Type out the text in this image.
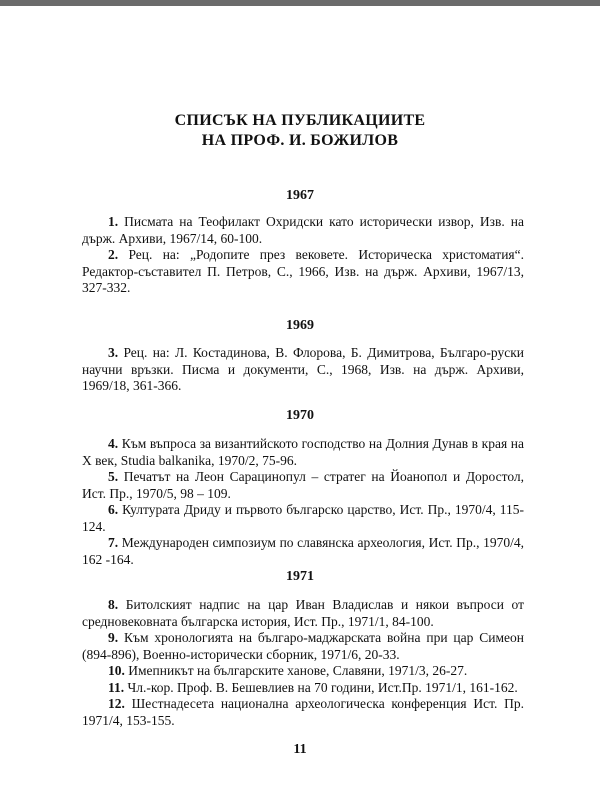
СПИСЪК НА ПУБЛИКАЦИИТЕ
НА ПРОФ. И. БОЖИЛОВ
1967

1. Писмата на Теофилакт Охридски като исторически извор, Изв. на държ. Архиви, 1967/14, 60-100.

2. Рец. на: „Родопите през вековете. Историческа христоматия“. Редактор-съставител П. Петров, С., 1966, Изв. на държ. Архиви, 1967/13, 327-332.

1969

3. Рец. на: Л. Костадинова, В. Флорова, Б. Димитрова, Българо-руски научни връзки. Писма и документи, С., 1968, Изв. на държ. Архиви, 1969/18, 361-366.

1970

4. Към въпроса за византийското господство на Долния Дунав в края на X век, Studia balkanika, 1970/2, 75-96.

5. Печатът на Леон Сарацинопул – стратег на Йоанопол и Доростол, Ист. Пр., 1970/5, 98 – 109.

6. Културата Дриду и първото българско царство, Ист. Пр., 1970/4, 115-124.

7. Международен симпозиум по славянска археология, Ист. Пр., 1970/4, 162 -164.

1971

8. Битолският надпис на цар Иван Владислав и някои въпроси от средновековната българска история, Ист. Пр., 1971/1, 84-100.

9. Към хронологията на българо-маджарската война при цар Симеон (894-896), Военно-исторически сборник, 1971/6, 20-33.

10. Имепникът на българските ханове, Славяни, 1971/3, 26-27.

11. Чл.-кор. Проф. В. Бешевлиев на 70 години, Ист.Пр. 1971/1, 161-162.

12. Шестнадесета национална археологическа конференция Ист. Пр. 1971/4, 153-155.

11
